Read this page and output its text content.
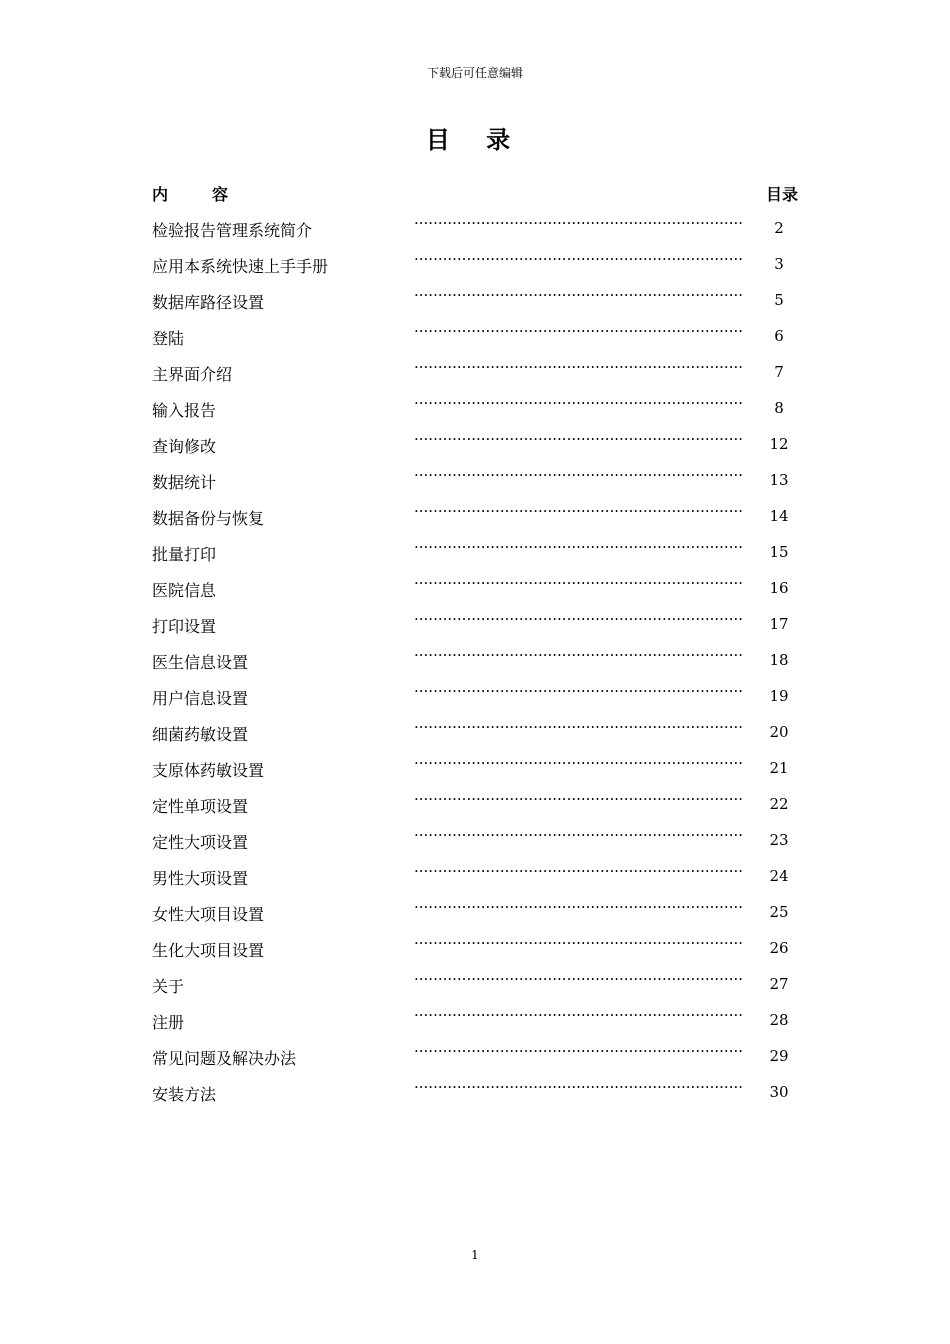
下载后可任意编辑
目 录
内容	目录
检验报告管理系统简介	·····································································	2
应用本系统快速上手手册	·····································································	3
数据库路径设置	·····································································	5
登陆	·····································································	6
主界面介绍	·····································································	7
输入报告	·····································································	8
查询修改	·····································································	12
数据统计	·····································································	13
数据备份与恢复	·····································································	14
批量打印	·····································································	15
医院信息	·····································································	16
打印设置	·····································································	17
医生信息设置	·····································································	18
用户信息设置	·····································································	19
细菌药敏设置	·····································································	20
支原体药敏设置	·····································································	21
定性单项设置	·····································································	22
定性大项设置	·····································································	23
男性大项设置	·····································································	24
女性大项目设置	·····································································	25
生化大项目设置	·····································································	26
关于	·····································································	27
注册	·····································································	28
常见问题及解决办法	·····································································	29
安装方法	·····································································	30
1
